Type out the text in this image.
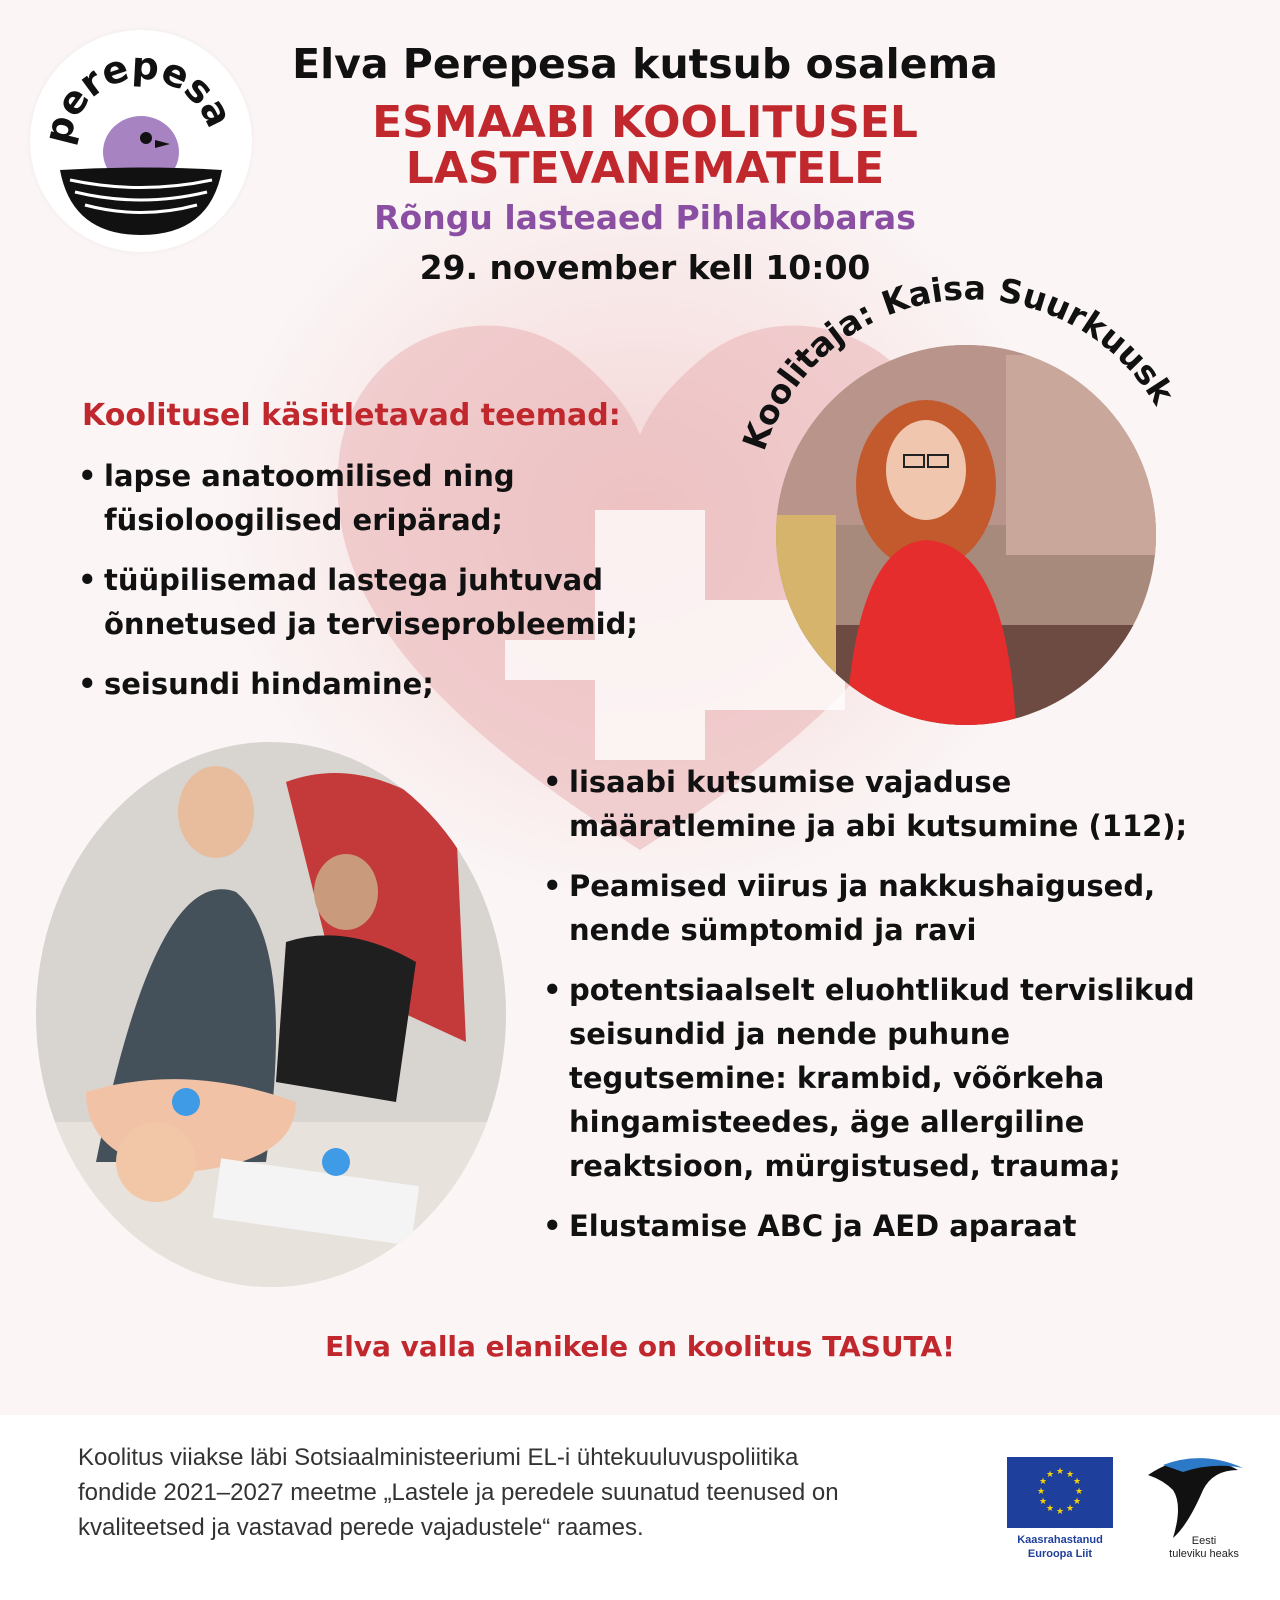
perepesa
Elva Perepesa kutsub osalema
ESMAABI KOOLITUSEL
LASTEVANEMATELE
Rõngu lasteaed Pihlakobaras
29. november kell 10:00
Koolitaja: Kaisa Suurkuusk
Koolitusel käsitletavad teemad:
• lapse anatoomilised ning
füsioloogilised eripärad;
• tüüpilisemad lastega juhtuvad
õnnetused ja terviseprobleemid;
• seisundi hindamine;
• lisaabi kutsumise vajaduse
määratlemine ja abi kutsumine (112);
• Peamised viirus ja nakkushaigused,
nende sümptomid ja ravi
• potentsiaalselt eluohtlikud tervislikud
seisundid ja nende puhune
tegutsemine: krambid, võõrkeha
hingamisteedes, äge allergiline
reaktsioon, mürgistused, trauma;
• Elustamise ABC ja AED aparaat
Elva valla elanikele on koolitus TASUTA!
Koolitus viiakse läbi Sotsiaalministeeriumi EL-i ühtekuuluvuspoliitika
fondide 2021–2027 meetme „Lastele ja peredele suunatud teenused on
kvaliteetsed ja vastavad perede vajadustele“ raames.
★ ★
★
★
★
★
★
★
★
★
★
★
Kaasrahastanud
Euroopa Liit
Eesti
tuleviku heaks
